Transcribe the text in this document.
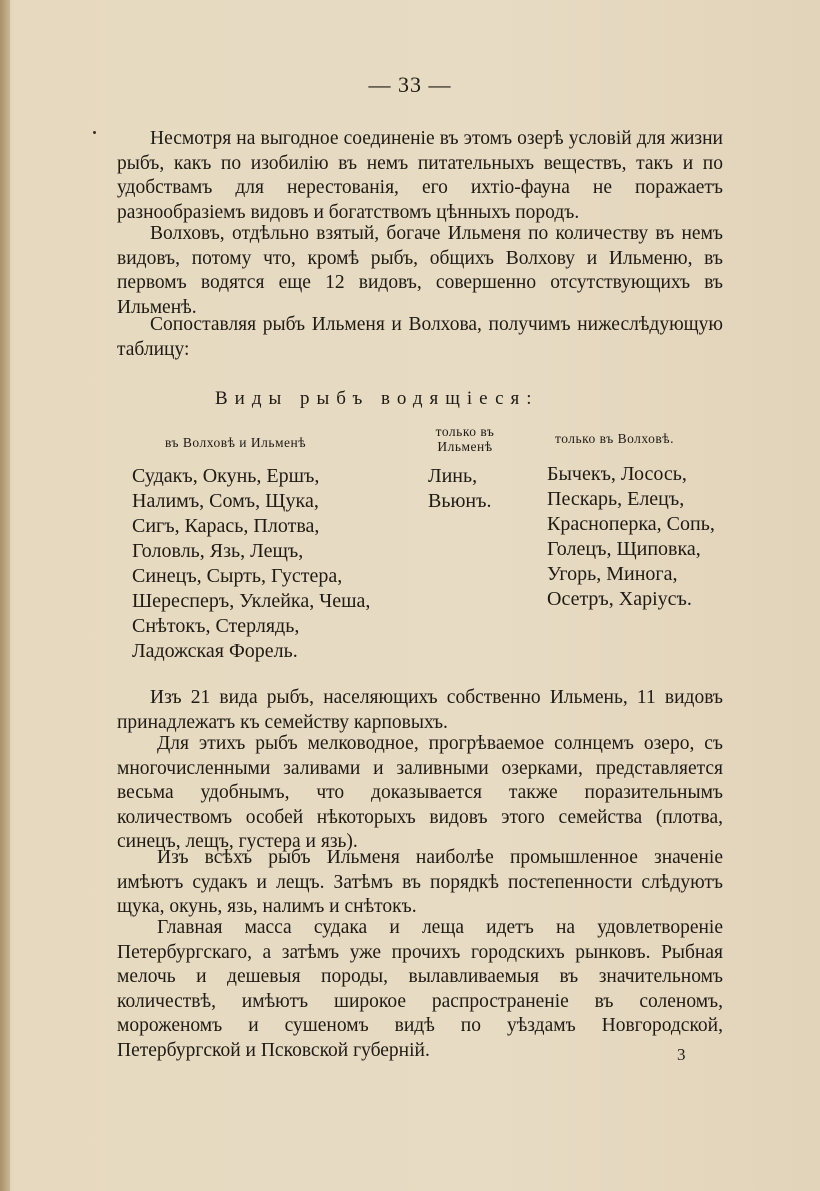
— 33 —
Несмотря на выгодное соединенie въ этомъ озерѣ условiй для жизни рыбъ, какъ по изобилiю въ немъ питательныхъ веществъ, такъ и по удобствамъ для нерестованiя, его ихтiо-фауна не поражаетъ разнообразiемъ видовъ и богатствомъ цѣнныхъ породъ.
Волховъ, отдѣльно взятый, богаче Ильменя по количеству въ немъ видовъ, потому что, кромѣ рыбъ, общихъ Волхову и Ильменю, въ первомъ водятся еще 12 видовъ, совершенно отсутствующихъ въ Ильменѣ.
Сопоставляя рыбъ Ильменя и Волхова, получимъ нижеслѣдующую таблицу:
Виды рыбъ водящiеся:
въ Волховѣ и Ильменѣ
только въ Ильменѣ
только въ Волховѣ.
Судакъ, Окунь, Ершъ,
Налимъ, Сомъ, Щука,
Сигъ, Карась, Плотва,
Головль, Язь, Лещъ,
Синецъ, Сырть, Густера,
Шересперъ, Уклейка, Чеша,
Снѣтокъ, Стерлядь,
Ладожская Форель.
Линь,
Вьюнъ.
Бычекъ, Лосось,
Пескарь, Елецъ,
Красноперка, Сопь,
Голецъ, Щиповка,
Угорь, Минога,
Осетръ, Харiусъ.
Изъ 21 вида рыбъ, населяющихъ собственно Ильмень, 11 видовъ принадлежатъ къ семейству карповыхъ.
Для этихъ рыбъ мелководное, прогрѣваемое солнцемъ озеро, съ многочисленными заливами и заливными озерками, представляется весьма удобнымъ, что доказывается также поразительнымъ количествомъ особей нѣкоторыхъ видовъ этого семейства (плотва, синецъ, лещъ, густера и язь).
Изъ всѣхъ рыбъ Ильменя наиболѣе промышленное значенie имѣютъ судакъ и лещъ. Затѣмъ въ порядкѣ постепенности слѣдуютъ щука, окунь, язь, налимъ и снѣтокъ.
Главная масса судака и леща идетъ на удовлетворенie Петербургскаго, а затѣмъ уже прочихъ городскихъ рынковъ. Рыбная мелочь и дешевыя породы, вылавливаемыя въ значительномъ количествѣ, имѣютъ широкое распространенie въ соленомъ, мороженомъ и сушеномъ видѣ по уѣздамъ Новгородской, Петербургской и Псковской губернiй.	3
